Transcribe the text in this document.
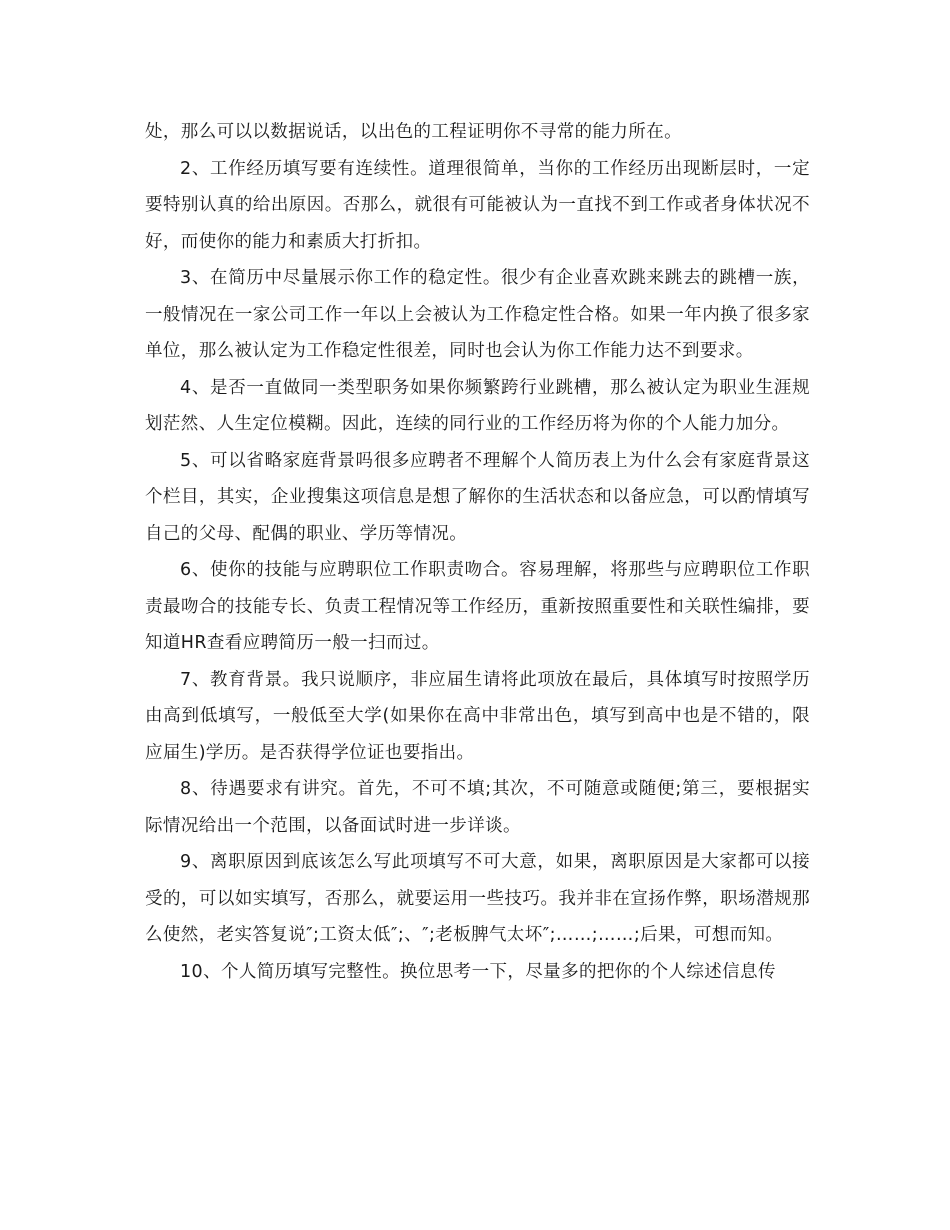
处，那么可以以数据说话，以出色的工程证明你不寻常的能力所在。

2、工作经历填写要有连续性。道理很简单，当你的工作经历出现断层时，一定要特别认真的给出原因。否那么，就很有可能被认为一直找不到工作或者身体状况不好，而使你的能力和素质大打折扣。

3、在简历中尽量展示你工作的稳定性。很少有企业喜欢跳来跳去的跳槽一族，一般情况在一家公司工作一年以上会被认为工作稳定性合格。如果一年内换了很多家单位，那么被认定为工作稳定性很差，同时也会认为你工作能力达不到要求。

4、是否一直做同一类型职务如果你频繁跨行业跳槽，那么被认定为职业生涯规划茫然、人生定位模糊。因此，连续的同行业的工作经历将为你的个人能力加分。

5、可以省略家庭背景吗很多应聘者不理解个人简历表上为什么会有家庭背景这个栏目，其实，企业搜集这项信息是想了解你的生活状态和以备应急，可以酌情填写自己的父母、配偶的职业、学历等情况。

6、使你的技能与应聘职位工作职责吻合。容易理解，将那些与应聘职位工作职责最吻合的技能专长、负责工程情况等工作经历，重新按照重要性和关联性编排，要知道HR查看应聘简历一般一扫而过。

7、教育背景。我只说顺序，非应届生请将此项放在最后，具体填写时按照学历由高到低填写，一般低至大学(如果你在高中非常出色，填写到高中也是不错的，限应届生)学历。是否获得学位证也要指出。

8、待遇要求有讲究。首先，不可不填;其次，不可随意或随便;第三，要根据实际情况给出一个范围，以备面试时进一步详谈。

9、离职原因到底该怎么写此项填写不可大意，如果，离职原因是大家都可以接受的，可以如实填写，否那么，就要运用一些技巧。我并非在宣扬作弊，职场潜规那么使然，老实答复说″;工资太低″;、″;老板脾气太坏″;……;……;后果，可想而知。

10、个人简历填写完整性。换位思考一下，尽量多的把你的个人综述信息传
